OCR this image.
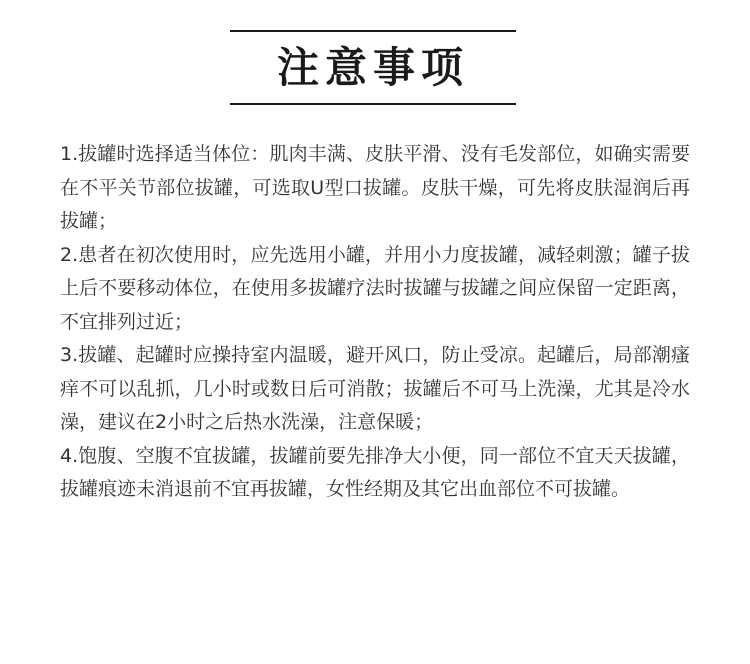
注意事项

1.拔罐时选择适当体位：肌肉丰满、皮肤平滑、没有毛发部位，如确实需要在不平关节部位拔罐，可选取U型口拔罐。皮肤干燥，可先将皮肤湿润后再拔罐；

2.患者在初次使用时，应先选用小罐，并用小力度拔罐，减轻刺激；罐子拔上后不要移动体位，在使用多拔罐疗法时拔罐与拔罐之间应保留一定距离，不宜排列过近；

3.拔罐、起罐时应操持室内温暖，避开风口，防止受凉。起罐后，局部潮瘙痒不可以乱抓，几小时或数日后可消散；拔罐后不可马上洗澡，尤其是冷水澡，建议在2小时之后热水洗澡，注意保暖；

4.饱腹、空腹不宜拔罐，拔罐前要先排净大小便，同一部位不宜天天拔罐，拔罐痕迹未消退前不宜再拔罐，女性经期及其它出血部位不可拔罐。
